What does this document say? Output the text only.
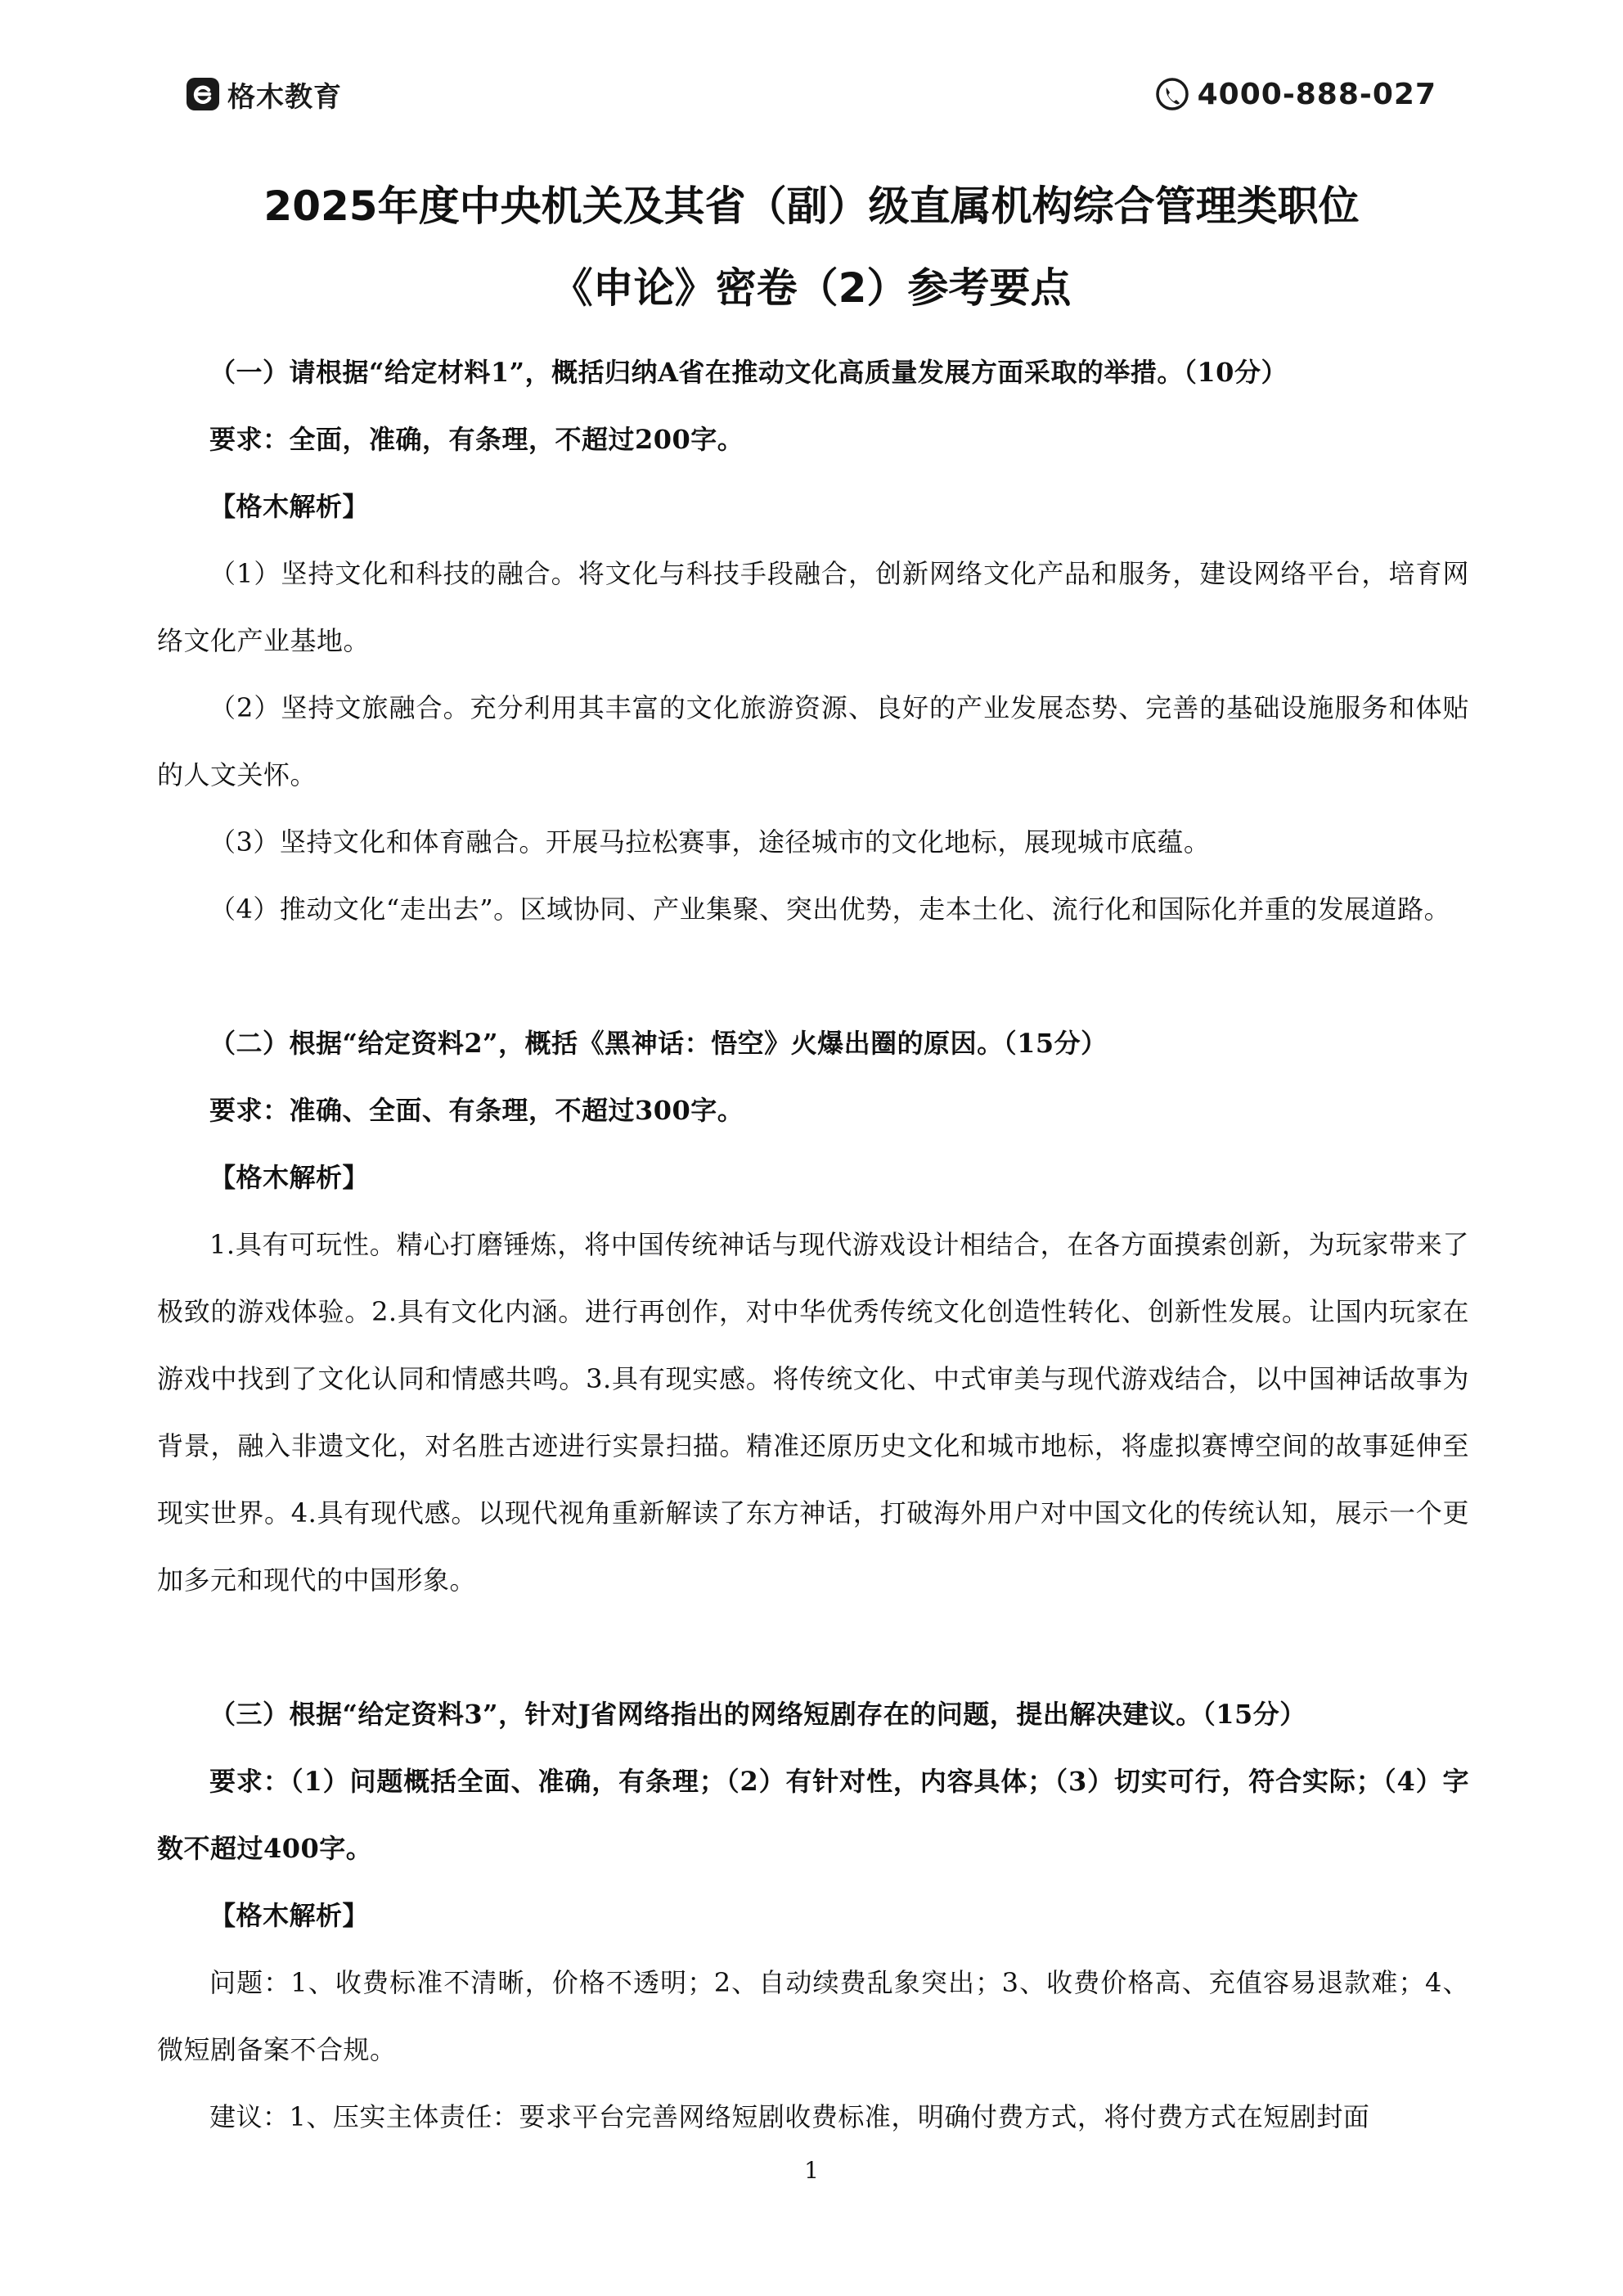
格木教育	4000-888-027
2025年度中央机关及其省（副）级直属机构综合管理类职位
《申论》密卷（2）参考要点

（一）请根据“给定材料1”，概括归纳A省在推动文化高质量发展方面采取的举措。（10分）

要求：全面，准确，有条理，不超过200字。

【格木解析】

（1）坚持文化和科技的融合。将文化与科技手段融合，创新网络文化产品和服务，建设网络平台，培育网络文化产业基地。

（2）坚持文旅融合。充分利用其丰富的文化旅游资源、良好的产业发展态势、完善的基础设施服务和体贴的人文关怀。

（3）坚持文化和体育融合。开展马拉松赛事，途径城市的文化地标，展现城市底蕴。

（4）推动文化“走出去”。区域协同、产业集聚、突出优势，走本土化、流行化和国际化并重的发展道路。

（二）根据“给定资料2”，概括《黑神话：悟空》火爆出圈的原因。（15分）

要求：准确、全面、有条理，不超过300字。

【格木解析】

1.具有可玩性。精心打磨锤炼，将中国传统神话与现代游戏设计相结合，在各方面摸索创新，为玩家带来了极致的游戏体验。2.具有文化内涵。进行再创作，对中华优秀传统文化创造性转化、创新性发展。让国内玩家在游戏中找到了文化认同和情感共鸣。3.具有现实感。将传统文化、中式审美与现代游戏结合，以中国神话故事为背景，融入非遗文化，对名胜古迹进行实景扫描。精准还原历史文化和城市地标，将虚拟赛博空间的故事延伸至现实世界。4.具有现代感。以现代视角重新解读了东方神话，打破海外用户对中国文化的传统认知，展示一个更加多元和现代的中国形象。

（三）根据“给定资料3”，针对J省网络指出的网络短剧存在的问题，提出解决建议。（15分）

要求：（1）问题概括全面、准确，有条理；（2）有针对性，内容具体；（3）切实可行，符合实际；（4）字数不超过400字。

【格木解析】

问题：1、收费标准不清晰，价格不透明；2、自动续费乱象突出；3、收费价格高、充值容易退款难；4、微短剧备案不合规。

建议：1、压实主体责任：要求平台完善网络短剧收费标准，明确付费方式，将付费方式在短剧封面

1
